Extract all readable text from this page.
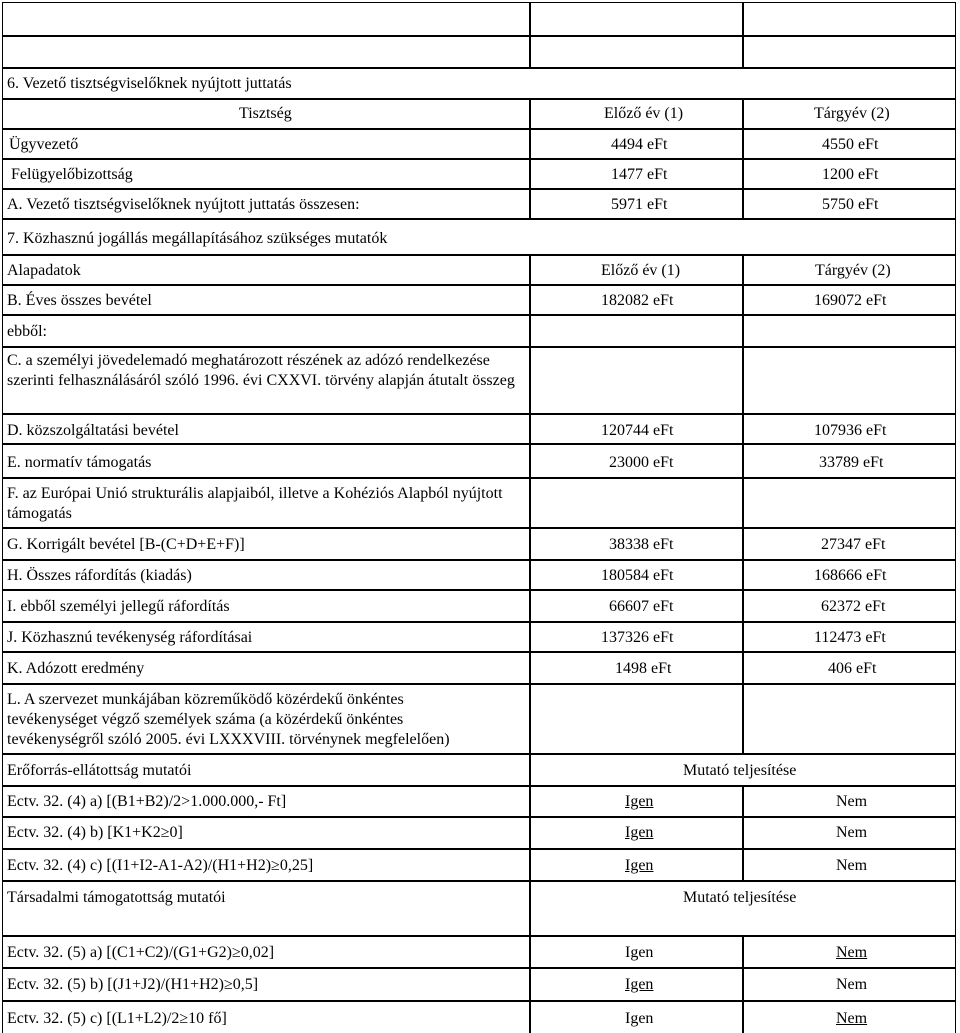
6. Vezető tisztségviselőknek nyújtott juttatás
Tisztség	Előző év (1)	Tárgyév (2)
Ügyvezető	4494 eFt	4550 eFt
Felügyelőbizottság	1477 eFt	1200 eFt
A. Vezető tisztségviselőknek nyújtott juttatás összesen:	5971 eFt	5750 eFt
7. Közhasznú jogállás megállapításához szükséges mutatók
Alapadatok	Előző év (1)	Tárgyév (2)
B. Éves összes bevétel	182082 eFt	169072 eFt
ebből:
C. a személyi jövedelemadó meghatározott részének az adózó rendelkezése szerinti felhasználásáról szóló 1996. évi CXXVI. törvény alapján átutalt összeg
D. közszolgáltatási bevétel	120744 eFt	107936 eFt
E. normatív támogatás	23000 eFt	33789 eFt
F. az Európai Unió strukturális alapjaiból, illetve a Kohéziós Alapból nyújtott támogatás
G. Korrigált bevétel [B-(C+D+E+F)]	38338 eFt	27347 eFt
H. Összes ráfordítás (kiadás)	180584 eFt	168666 eFt
I. ebből személyi jellegű ráfordítás	66607 eFt	62372 eFt
J. Közhasznú tevékenység ráfordításai	137326 eFt	112473 eFt
K. Adózott eredmény	1498 eFt	406 eFt
L. A szervezet munkájában közreműködő közérdekű önkéntes tevékenységet végző személyek száma (a közérdekű önkéntes tevékenységről szóló 2005. évi LXXXVIII. törvénynek megfelelően)
Erőforrás-ellátottság mutatói	Mutató teljesítése
Ectv. 32. (4) a) [(B1+B2)/2>1.000.000,- Ft]	Igen	Nem
Ectv. 32. (4) b) [K1+K2≥0]	Igen	Nem
Ectv. 32. (4) c) [(I1+I2-A1-A2)/(H1+H2)≥0,25]	Igen	Nem
Társadalmi támogatottság mutatói	Mutató teljesítése
Ectv. 32. (5) a) [(C1+C2)/(G1+G2)≥0,02]	Igen	Nem
Ectv. 32. (5) b) [(J1+J2)/(H1+H2)≥0,5]	Igen	Nem
Ectv. 32. (5) c) [(L1+L2)/2≥10 fő]	Igen	Nem
